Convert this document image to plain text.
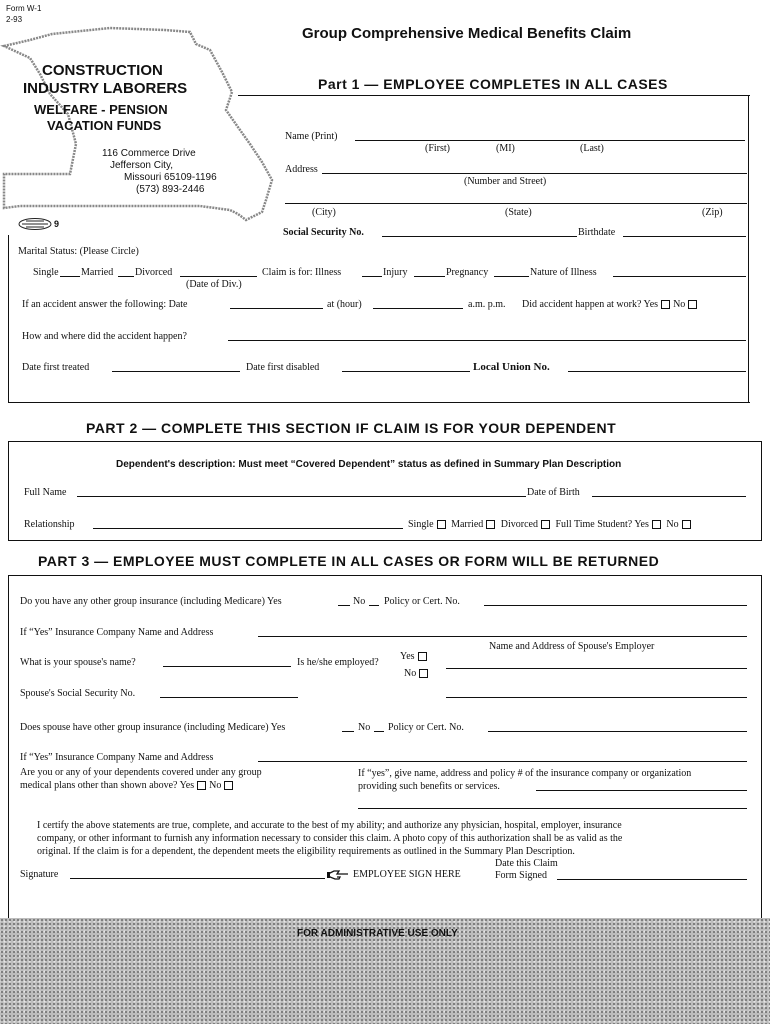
Form W-1
2-93
CONSTRUCTION
INDUSTRY LABORERS
WELFARE - PENSION
VACATION FUNDS
116 Commerce Drive
Jefferson City,
Missouri 65109-1196
(573) 893-2446
9
Group Comprehensive Medical Benefits Claim
Part 1 — EMPLOYEE COMPLETES IN ALL CASES
Name (Print)
(First)	(MI)	(Last)
Address
(Number and Street)
(City)	(State)	(Zip)
Social Security No.	Birthdate
Marital Status: (Please Circle)
Single Married Divorced
(Date of Div.)
Claim is for: Illness	Injury	Pregnancy	Nature of Illness
If an accident answer the following: Date	at (hour)	a.m. p.m. Did accident happen at work? Yes No
How and where did the accident happen?
Date first treated	Date first disabled	Local Union No.
PART 2 — COMPLETE THIS SECTION IF CLAIM IS FOR YOUR DEPENDENT
Dependent's description: Must meet “Covered Dependent” status as defined in Summary Plan Description
Full Name	Date of Birth
Relationship	Single Married Divorced Full Time Student? Yes No
PART 3 — EMPLOYEE MUST COMPLETE IN ALL CASES OR FORM WILL BE RETURNED
Do you have any other group insurance (including Medicare) Yes	No Policy or Cert. No.
If “Yes” Insurance Company Name and Address
Name and Address of Spouse's Employer
What is your spouse's name?	Is he/she employed?
Yes
No
Spouse's Social Security No.
Does spouse have other group insurance (including Medicare) Yes	No Policy or Cert. No.
If “Yes” Insurance Company Name and Address
Are you or any of your dependents covered under any group
medical plans other than shown above? Yes No
If “yes”, give name, address and policy # of the insurance company or organization
providing such benefits or services.
I certify the above statements are true, complete, and accurate to the best of my ability; and authorize any physician, hospital, employer, insurance
company, or other informant to furnish any information necessary to consider this claim. A photo copy of this authorization shall be as valid as the
original. If the claim is for a dependent, the dependent meets the eligibility requirements as outlined in the Summary Plan Description.
Date this Claim
Signature	EMPLOYEE SIGN HERE	Form Signed
FOR ADMINISTRATIVE USE ONLY
